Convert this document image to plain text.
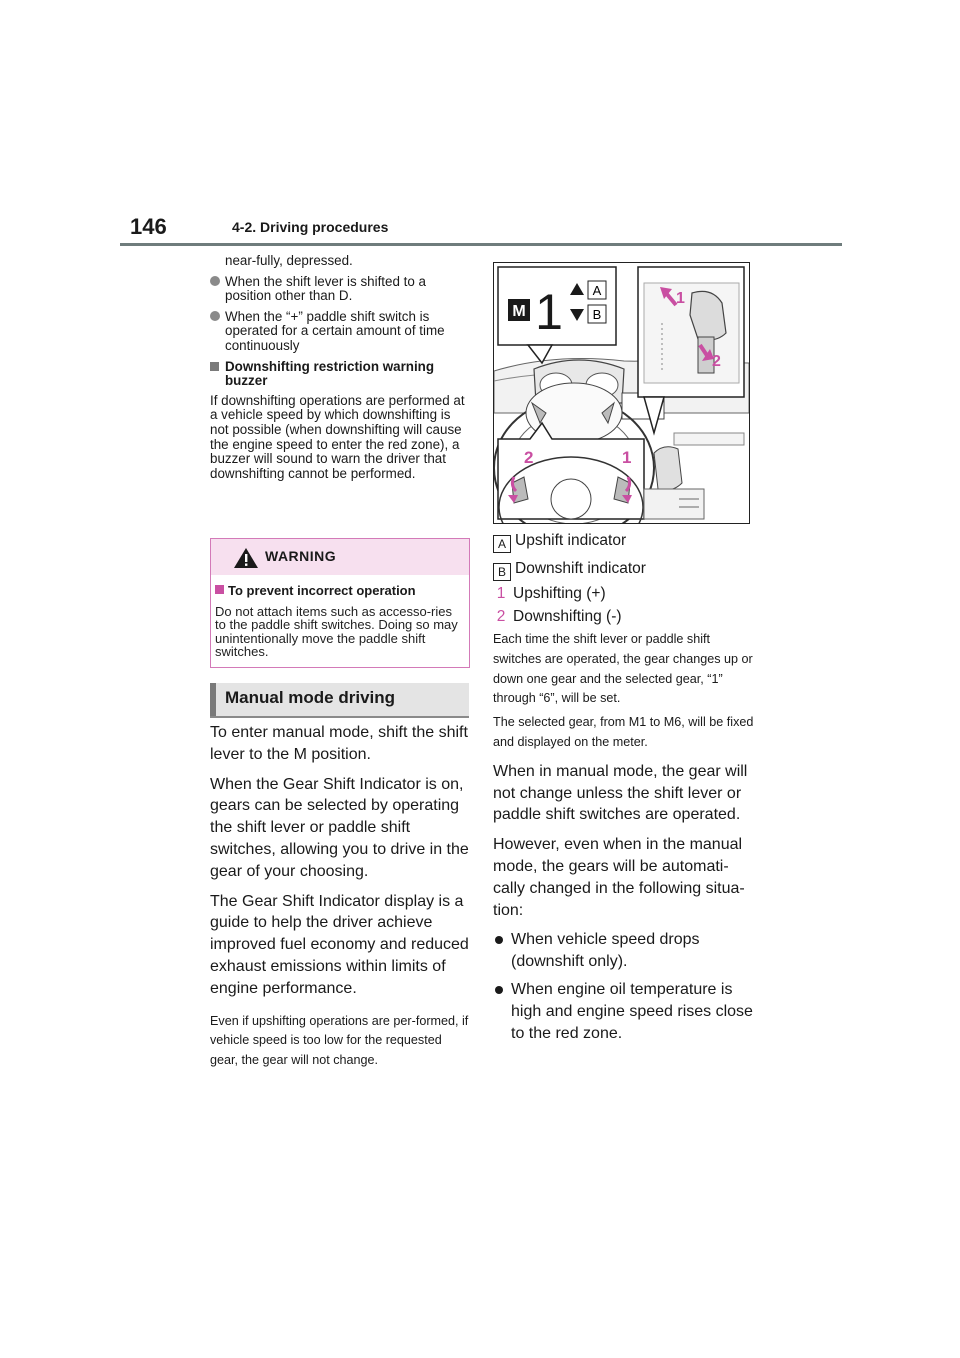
146	4-2. Driving procedures
near-fully, depressed.
When the shift lever is shifted to a position other than D.
When the “+” paddle shift switch is operated for a certain amount of time continuously
Downshifting restriction warning buzzer
If downshifting operations are performed at a vehicle speed by which downshifting is not possible (when downshifting will cause the engine speed to enter the red zone), a buzzer will sound to warn the driver that downshifting cannot be performed.
WARNING
To prevent incorrect operation
Do not attach items such as accesso-ries to the paddle shift switches. Doing so may unintentionally move the paddle shift switches.
Manual mode driving

To enter manual mode, shift the shift lever to the M position.

When the Gear Shift Indicator is on, gears can be selected by operating the shift lever or paddle shift switches, allowing you to drive in the gear of your choosing.

The Gear Shift Indicator display is a guide to help the driver achieve improved fuel economy and reduced exhaust emissions within limits of engine performance.

Even if upshifting operations are per-formed, if vehicle speed is too low for the requested gear, the gear will not change.

M 1 A
B
2	1
1
2
A Upshift indicator
B Downshift indicator
1 Upshifting (+)
2 Downshifting (-)

Each time the shift lever or paddle shift switches are operated, the gear changes up or down one gear and the selected gear, “1” through “6”, will be set.

The selected gear, from M1 to M6, will be fixed and displayed on the meter.

When in manual mode, the gear will not change unless the shift lever or paddle shift switches are operated.

However, even when in the manual mode, the gears will be automati-cally changed in the following situa-tion:

When vehicle speed drops (downshift only).
When engine oil temperature is high and engine speed rises close to the red zone.
